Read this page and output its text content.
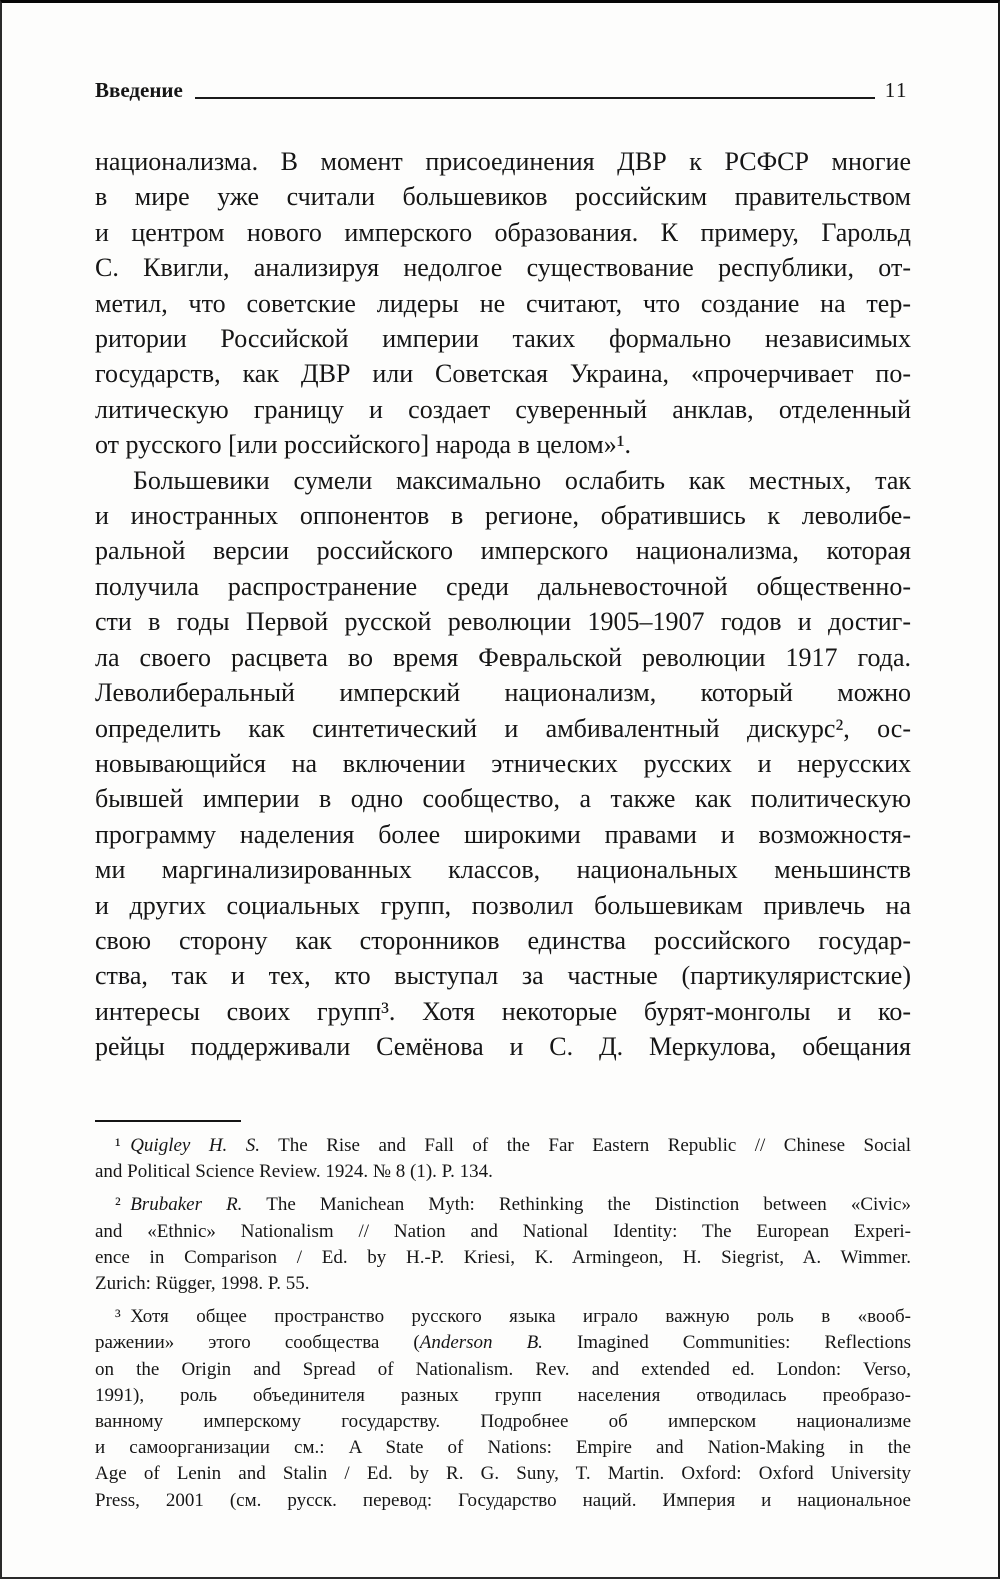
Введение	11
национализма. В момент присоединения ДВР к РСФСР многие
в мире уже считали большевиков российским правительством
и центром нового имперского образования. К примеру, Гарольд
С. Квигли, анализируя недолгое существование республики, от-
метил, что советские лидеры не считают, что создание на тер-
ритории Российской империи таких формально независимых
государств, как ДВР или Советская Украина, «прочерчивает по-
литическую границу и создает суверенный анклав, отделенный
от русского [или российского] народа в целом»¹.
Большевики сумели максимально ослабить как местных, так
и иностранных оппонентов в регионе, обратившись к леволибе-
ральной версии российского имперского национализма, которая
получила распространение среди дальневосточной общественно-
сти в годы Первой русской революции 1905–1907 годов и достиг-
ла своего расцвета во время Февральской революции 1917 года.
Леволиберальный имперский национализм, который можно
определить как синтетический и амбивалентный дискурс², ос-
новывающийся на включении этнических русских и нерусских
бывшей империи в одно сообщество, а также как политическую
программу наделения более широкими правами и возможностя-
ми маргинализированных классов, национальных меньшинств
и других социальных групп, позволил большевикам привлечь на
свою сторону как сторонников единства российского государ-
ства, так и тех, кто выступал за частные (партикуляристские)
интересы своих групп³. Хотя некоторые бурят-монголы и ко-
рейцы поддерживали Семёнова и С. Д. Меркулова, обещания
¹ Quigley H. S. The Rise and Fall of the Far Eastern Republic // Chinese Social
and Political Science Review. 1924. № 8 (1). P. 134.
² Brubaker R. The Manichean Myth: Rethinking the Distinction between «Civic»
and «Ethnic» Nationalism // Nation and National Identity: The European Experi-
ence in Comparison / Ed. by H.-P. Kriesi, K. Armingeon, H. Siegrist, A. Wimmer.
Zurich: Rügger, 1998. P. 55.
³ Хотя общее пространство русского языка играло важную роль в «вооб-
ражении» этого сообщества (Anderson B. Imagined Communities: Reflections
on the Origin and Spread of Nationalism. Rev. and extended ed. London: Verso,
1991), роль объединителя разных групп населения отводилась преобразо-
ванному имперскому государству. Подробнее об имперском национализме
и самоорганизации см.: A State of Nations: Empire and Nation-Making in the
Age of Lenin and Stalin / Ed. by R. G. Suny, T. Martin. Oxford: Oxford University
Press, 2001 (см. русск. перевод: Государство наций. Империя и национальное
